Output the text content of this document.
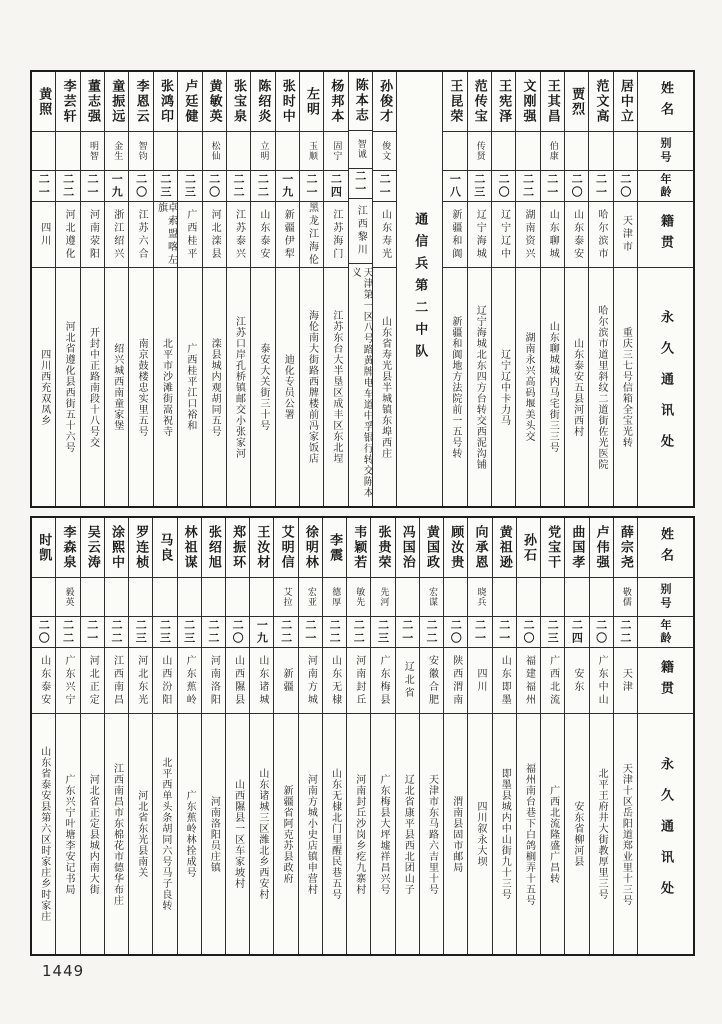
姓名
别号
年龄
籍贯
永久通讯处
居中立
二〇
天津市
重庆三七号信箱全宝光转
范文高
二一
哈尔滨市
哈尔滨市道里斜纹二道街佐光医院
贾烈
二〇
山东泰安
山东泰安五县河西村
王其昌
伯康
二一
山东聊城
山东聊城城内马宅街三三号
文刚强
二二
湖南资兴
湖南永兴高码堰美头交
王宪泽
二〇
辽宁辽中
辽宁辽中卡力马
范传宝
传贤
二三
辽宁海城
辽宁海城北东四方台转交西泥沟铺
王昆荣
一八
新疆和阗
新疆和阗地方法院前一五号转
通信兵第二中队
孙俊才
俊文
二一
山东寿光
山东省寿光县半城镇东埠西庄
陈本志
智诚
二一
江西黎川
天津第一区八号路黄牌电车道中孚银行转交陈本义
杨邦本
固宁
二四
江苏海门
江苏东台大半垦区成丰区东北埕
左明
玉顺
二一
黑龙江海伦
海伦南大街路西牌楼前冯家饭店
张时中
一九
新疆伊犁
迪化专员公署
陈绍炎
立明
二二
山东泰安
泰安大关街三十号
张宝泉
二二
江苏泰兴
江苏口岸孔桥镇邮交小张家河
黄敏英
松仙
二〇
河北滦县
滦县城内观胡同五号
卢廷健
二三
广西桂平
广西桂平江口裕和
张鸿印
二三
卓索盟喀左旗
北平市沙滩街嵩祝寺
李恩云
智钧
二〇
江苏六合
南京鼓楼忠实里五号
童振远
金生
一九
浙江绍兴
绍兴城西南童家堡
董志强
明智
二一
河南荥阳
开封中正路南段十八号交
李芸轩
二二
河北遵化
河北省遵化县西街五十六号
黄照
二一
四川
四川西充双凤乡
姓名
别号
年龄
籍贯
永久通讯处
薛宗尧
敬儒
二二
天津
天津十区岳阳道郑业里十三号
卢伟强
二〇
广东中山
北平王府井大街教厚里三号
曲国孝
二四
安东
安东省柳河县
党宝干
二三
广西北流
广西北流隆盛广昌转
孙石
二〇
福建福州
福州南台巷下白鸽榈弄十五号
黄祖逊
二一
山东即墨
即墨县城内中山街九十三号
向承恩
晓兵
二一
四川
四川叙永大坝
顾汝贵
二〇
陕西渭南
渭南县固市邮局
黄国政
宏谋
二二
安徽合肥
天津市东马路六吉里十号
冯国治
二一
辽北省
辽北省康平县西北团山子
张贵荣
先河
二三
广东梅县
广东梅县大坪墟祥昌兴号
韦颖若
敏先
二二
河南封丘
河南封丘沙岗乡疙九寨村
李震
德厚
二二
山东无棣
山东无棣北门里醒民巷五号
徐明林
宏亚
二一
河南方城
河南方城小史店镇申营村
艾明信
艾拉
二二
新疆
新疆省阿克苏县政府
王汝材
一九
山东诸城
山东诸城三区潍北乡西安村
郑振环
二〇
山西隰县
山西隰县一区车家坡村
张绍旭
二二
河南洛阳
河南洛阳员庄镇
林祖谋
二三
广东蕉岭
广东蕉岭林拴成号
马良
二三
山西汾阳
北平西单头条胡同六号马子良转
罗连桢
二三
河北东光
河北省东光县南关
涂熙中
二二
江西南昌
江西南昌市东棉花市德华布庄
吴云涛
二一
河北正定
河北省正定县城内南大街
李森泉
毅英
二二
广东兴宁
广东兴宁叶塘李安记书局
时凯
二〇
山东泰安
山东省泰安县第六区时家庄乡时家庄
1449
